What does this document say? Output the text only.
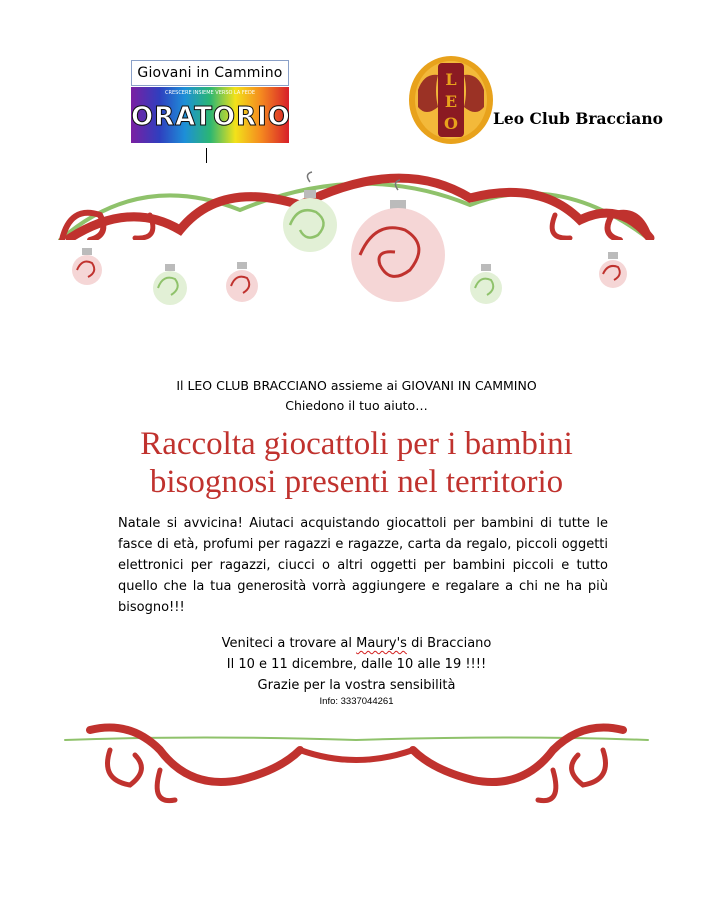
Giovani in Cammino
CRESCERE INSIEME VERSO LA FEDE
ORATORIO
L
E
O Leo Club Bracciano
Il LEO CLUB BRACCIANO assieme ai GIOVANI IN CAMMINO
Chiedono il tuo aiuto…
Raccolta giocattoli per i bambini
bisognosi presenti nel territorio
Natale si avvicina! Aiutaci acquistando giocattoli per bambini di tutte le fasce di età, profumi per ragazzi e ragazze, carta da regalo, piccoli oggetti elettronici per ragazzi, ciucci o altri oggetti per bambini piccoli e tutto quello che la tua generosità vorrà aggiungere e regalare a chi ne ha più bisogno!!!
Veniteci a trovare al Maury's di Bracciano
Il 10 e 11 dicembre, dalle 10 alle 19 !!!!
Grazie per la vostra sensibilità
Info: 3337044261
